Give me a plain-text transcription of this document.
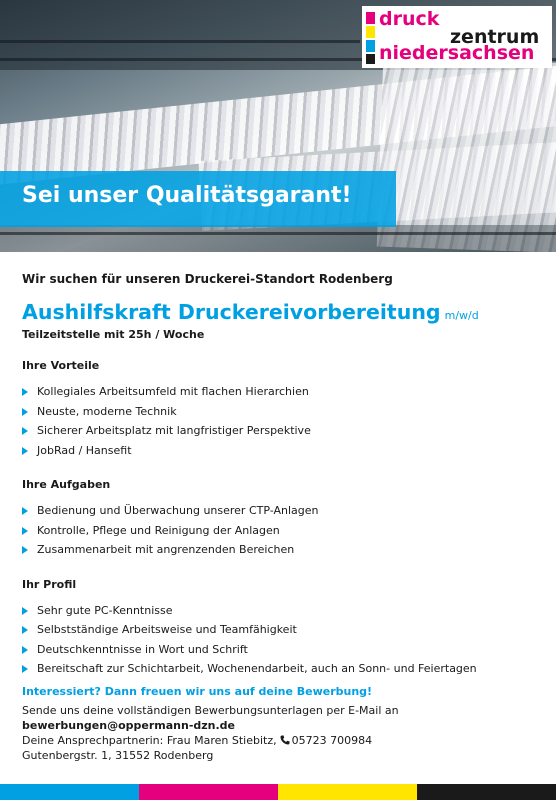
druck
zentrum
niedersachsen
Sei unser Qualitätsgarant!
Wir suchen für unseren Druckerei-Standort Rodenberg
Aushilfskraft Druckereivorbereitung m/w/d
Teilzeitstelle mit 25h / Woche
Ihre Vorteile
Kollegiales Arbeitsumfeld mit flachen Hierarchien
Neuste, moderne Technik
Sicherer Arbeitsplatz mit langfristiger Perspektive
JobRad / Hansefit
Ihre Aufgaben
Bedienung und Überwachung unserer CTP-Anlagen
Kontrolle, Pflege und Reinigung der Anlagen
Zusammenarbeit mit angrenzenden Bereichen
Ihr Profil
Sehr gute PC-Kenntnisse
Selbstständige Arbeitsweise und Teamfähigkeit
Deutschkenntnisse in Wort und Schrift
Bereitschaft zur Schichtarbeit, Wochenendarbeit, auch an Sonn- und Feiertagen
Interessiert? Dann freuen wir uns auf deine Bewerbung!
Sende uns deine vollständigen Bewerbungsunterlagen per E-Mail an
bewerbungen@oppermann-dzn.de
Deine Ansprechpartnerin: Frau Maren Stiebitz, 05723 700984
Gutenbergstr. 1, 31552 Rodenberg
